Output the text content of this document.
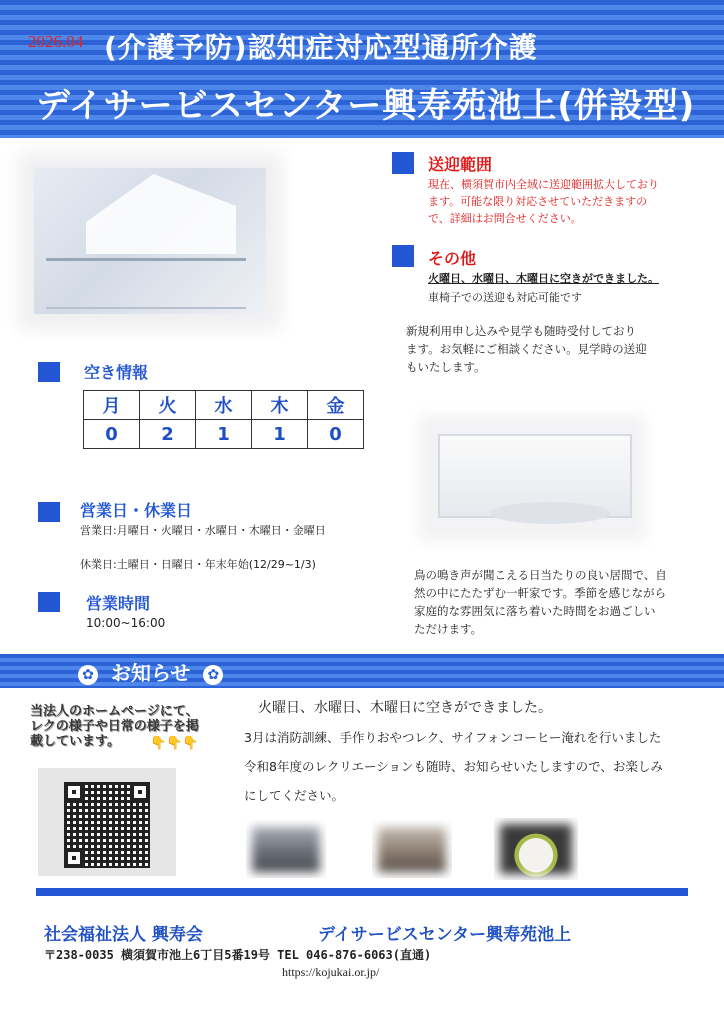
2026.04 (介護予防)認知症対応型通所介護
デイサービスセンター興寿苑池上(併設型)
送迎範囲
現在、横須賀市内全域に送迎範囲拡大しており
ます。可能な限り対応させていただきますの
で、詳細はお問合せください。
その他
火曜日、水曜日、木曜日に空きができました。
車椅子での送迎も対応可能です
新規利用申し込みや見学も随時受付しており
ます。お気軽にご相談ください。見学時の送迎
もいたします。
空き情報
月	火	水	木	金
0	2	1	1	0
営業日・休業日
営業日:月曜日・火曜日・水曜日・木曜日・金曜日
休業日:土曜日・日曜日・年末年始(12/29~1/3)
営業時間
10:00~16:00
鳥の鳴き声が聞こえる日当たりの良い居間で、自
然の中にたたずむ一軒家です。季節を感じながら
家庭的な雰囲気に落ち着いた時間をお過ごしい
ただけます。
✿ お知らせ ✿
当法人のホームページにて、
レクの様子や日常の様子を掲
載しています。	👇👇👇
火曜日、水曜日、木曜日に空きができました。
3月は消防訓練、手作りおやつレク、サイフォンコーヒー淹れを行いました
令和8年度のレクリエーションも随時、お知らせいたしますので、お楽しみ
にしてください。
社会福祉法人 興寿会	デイサービスセンター興寿苑池上
〒238-0035 横須賀市池上6丁目5番19号 TEL 046-876-6063(直通)
https://kojukai.or.jp/
